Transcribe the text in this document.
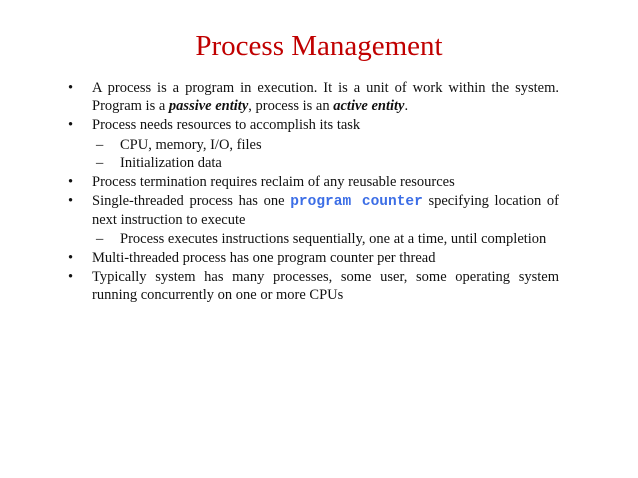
Process Management
• A process is a program in execution. It is a unit of work within the system. Program is a passive entity, process is an active entity.
• Process needs resources to accomplish its task
– CPU, memory, I/O, files
– Initialization data
• Process termination requires reclaim of any reusable resources
• Single-threaded process has one program counter specifying location of next instruction to execute
– Process executes instructions sequentially, one at a time, until completion
• Multi-threaded process has one program counter per thread
• Typically system has many processes, some user, some operating system running concurrently on one or more CPUs
